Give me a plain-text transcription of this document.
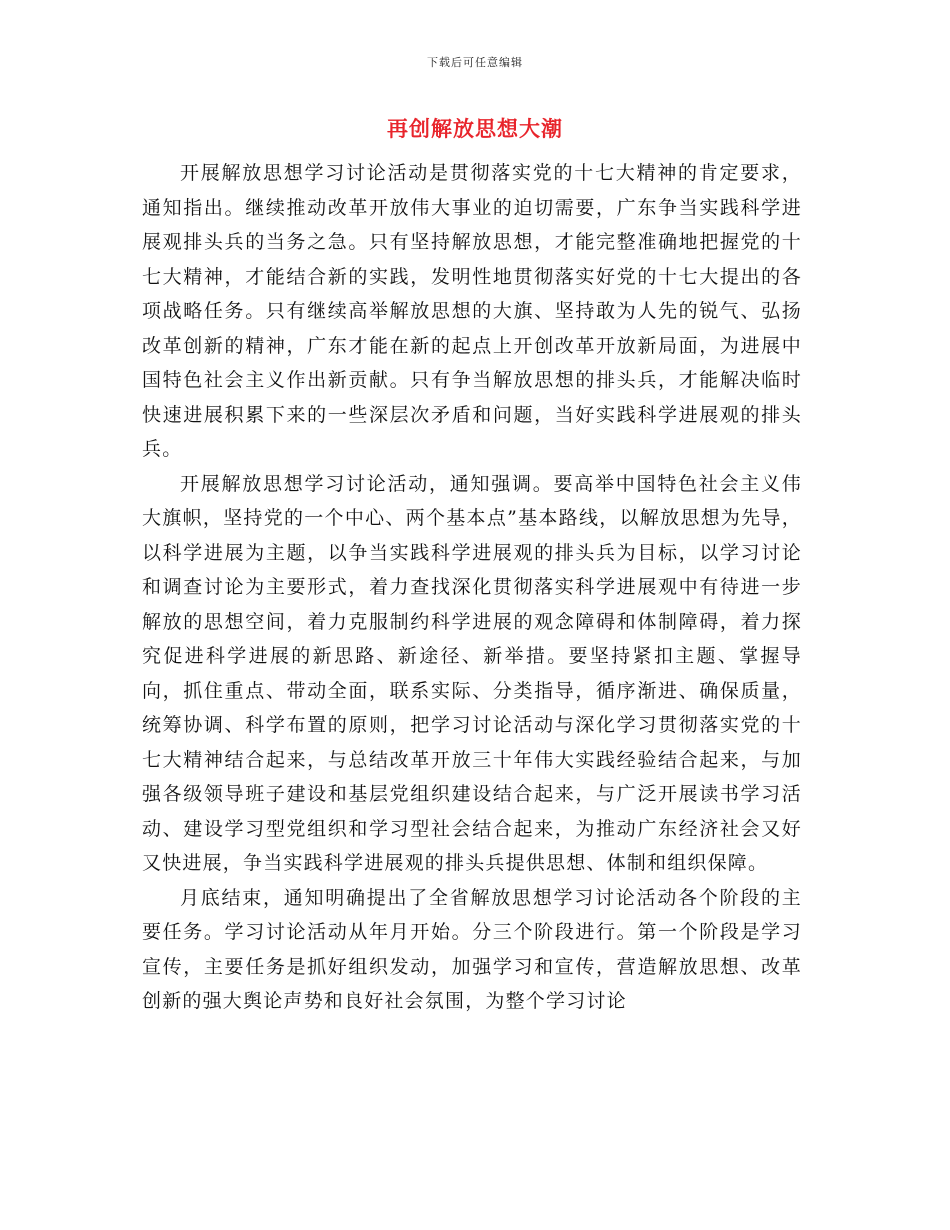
下载后可任意编辑
再创解放思想大潮

开展解放思想学习讨论活动是贯彻落实党的十七大精神的肯定要求，通知指出。继续推动改革开放伟大事业的迫切需要，广东争当实践科学进展观排头兵的当务之急。只有坚持解放思想，才能完整准确地把握党的十七大精神，才能结合新的实践，发明性地贯彻落实好党的十七大提出的各项战略任务。只有继续高举解放思想的大旗、坚持敢为人先的锐气、弘扬改革创新的精神，广东才能在新的起点上开创改革开放新局面，为进展中国特色社会主义作出新贡献。只有争当解放思想的排头兵，才能解决临时快速进展积累下来的一些深层次矛盾和问题，当好实践科学进展观的排头兵。

开展解放思想学习讨论活动，通知强调。要高举中国特色社会主义伟大旗帜，坚持党的一个中心、两个基本点”基本路线，以解放思想为先导，以科学进展为主题，以争当实践科学进展观的排头兵为目标，以学习讨论和调查讨论为主要形式，着力查找深化贯彻落实科学进展观中有待进一步解放的思想空间，着力克服制约科学进展的观念障碍和体制障碍，着力探究促进科学进展的新思路、新途径、新举措。要坚持紧扣主题、掌握导向，抓住重点、带动全面，联系实际、分类指导，循序渐进、确保质量，统筹协调、科学布置的原则，把学习讨论活动与深化学习贯彻落实党的十七大精神结合起来，与总结改革开放三十年伟大实践经验结合起来，与加强各级领导班子建设和基层党组织建设结合起来，与广泛开展读书学习活动、建设学习型党组织和学习型社会结合起来，为推动广东经济社会又好又快进展，争当实践科学进展观的排头兵提供思想、体制和组织保障。

月底结束，通知明确提出了全省解放思想学习讨论活动各个阶段的主要任务。学习讨论活动从年月开始。分三个阶段进行。第一个阶段是学习宣传，主要任务是抓好组织发动，加强学习和宣传，营造解放思想、改革创新的强大舆论声势和良好社会氛围，为整个学习讨论
